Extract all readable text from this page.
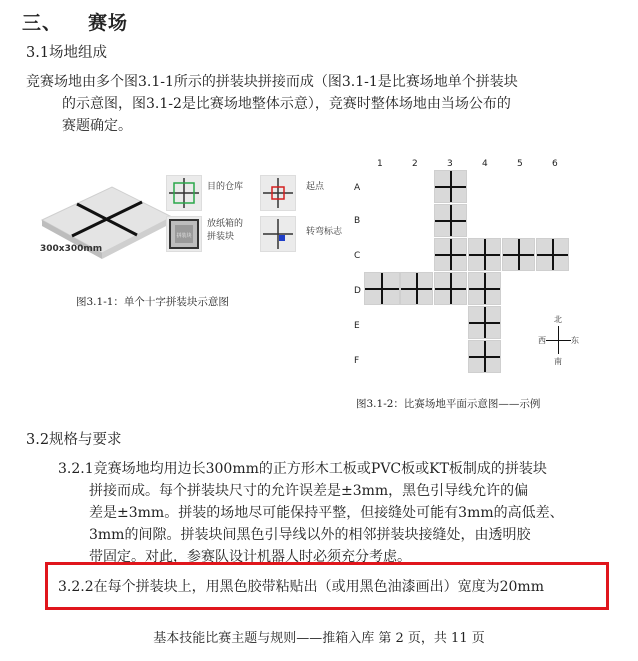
三、 赛场
3.1场地组成
竞赛场地由多个图3.1-1所示的拼装块拼接而成（图3.1-1是比赛场地单个拼装块
的示意图，图3.1-2是比赛场地整体示意），竞赛时整体场地由当场公布的
赛题确定。
300x300mm
目的仓库	起点
拼装块
放纸箱的
拼装块	转弯标志
图3.1-1：单个十字拼装块示意图
1	2	3	4	5	6
A
B
C
D
E
F
北
西	东
南
图3.1-2：比赛场地平面示意图——示例
3.2规格与要求
3.2.1竞赛场地均用边长300mm的正方形木工板或PVC板或KT板制成的拼装块
拼接而成。每个拼装块尺寸的允许误差是±3mm，黑色引导线允许的偏
差是±3mm。拼装的场地尽可能保持平整，但接缝处可能有3mm的高低差、
3mm的间隙。拼装块间黑色引导线以外的相邻拼装块接缝处，由透明胶
带固定。对此，参赛队设计机器人时必须充分考虑。
3.2.2在每个拼装块上，用黑色胶带粘贴出（或用黑色油漆画出）宽度为20mm
基本技能比赛主题与规则——推箱入库 第 2 页，共 11 页
